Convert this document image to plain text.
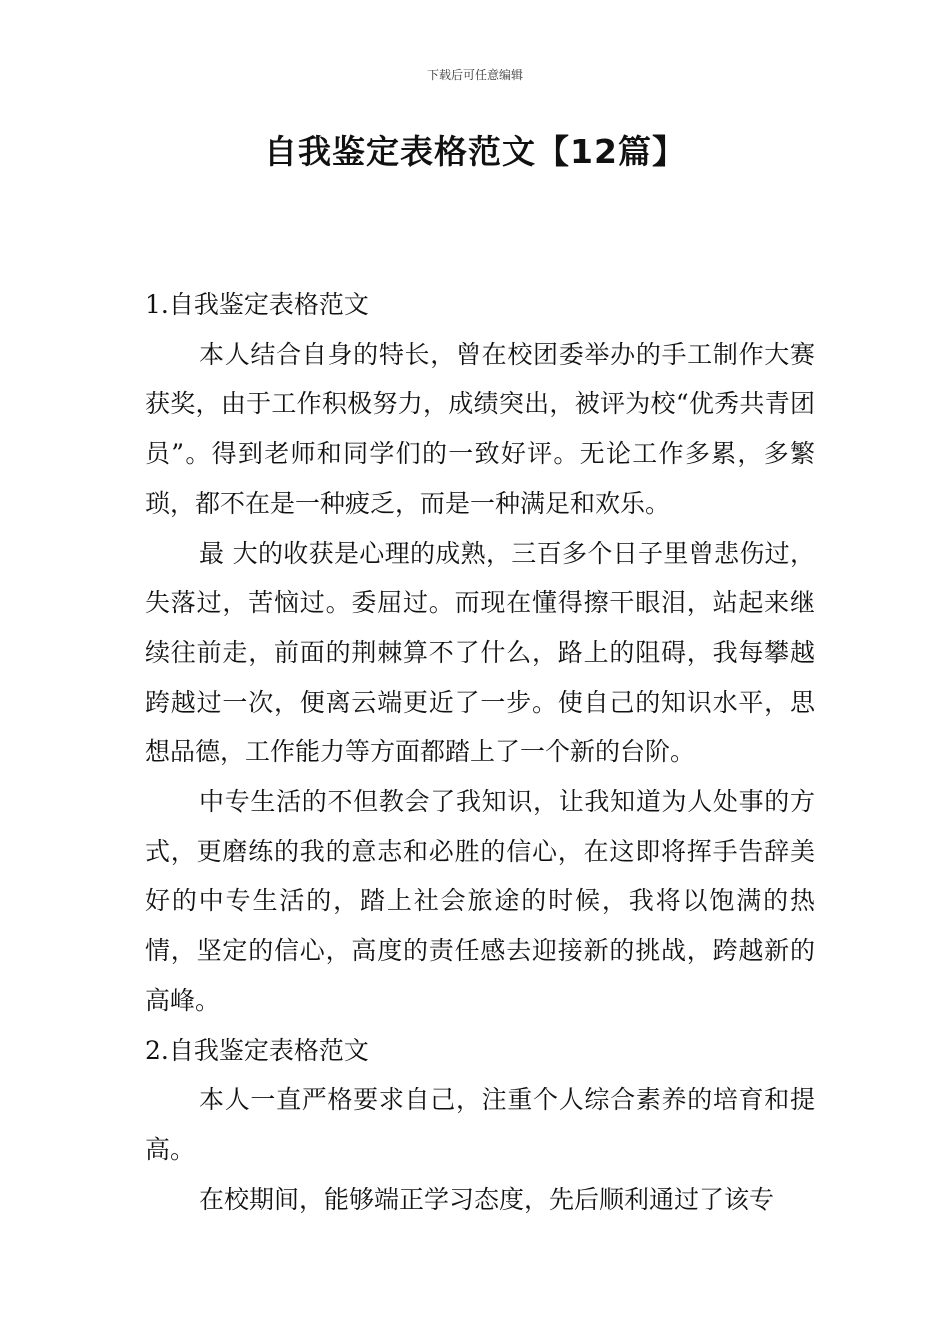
下载后可任意编辑
自我鉴定表格范文【12篇】

1.自我鉴定表格范文

本人结合自身的特长，曾在校团委举办的手工制作大赛获奖，由于工作积极努力，成绩突出，被评为校“优秀共青团员”。得到老师和同学们的一致好评。无论工作多累，多繁琐，都不在是一种疲乏，而是一种满足和欢乐。

最 大的收获是心理的成熟，三百多个日子里曾悲伤过，失落过，苦恼过。委屈过。而现在懂得擦干眼泪，站起来继续往前走，前面的荆棘算不了什么，路上的阻碍，我每攀越跨越过一次，便离云端更近了一步。使自己的知识水平，思想品德，工作能力等方面都踏上了一个新的台阶。

中专生活的不但教会了我知识，让我知道为人处事的方式，更磨练的我的意志和必胜的信心，在这即将挥手告辞美好的中专生活的，踏上社会旅途的时候，我将以饱满的热情，坚定的信心，高度的责任感去迎接新的挑战，跨越新的高峰。

2.自我鉴定表格范文

本人一直严格要求自己，注重个人综合素养的培育和提高。

在校期间，能够端正学习态度，先后顺利通过了该专
